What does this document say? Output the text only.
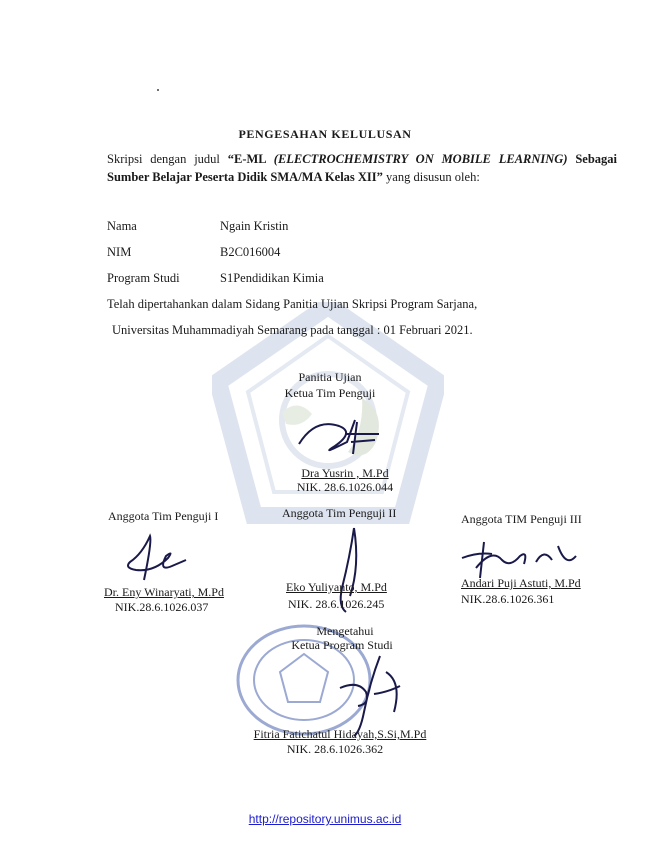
PENGESAHAN KELULUSAN
Skripsi dengan judul “E-ML (ELECTROCHEMISTRY ON MOBILE LEARNING) Sebagai Sumber Belajar Peserta Didik SMA/MA Kelas XII” yang disusun oleh:
Nama	Ngain Kristin
NIM	B2C016004
Program Studi	S1Pendidikan Kimia
Telah dipertahankan dalam Sidang Panitia Ujian Skripsi Program Sarjana,
Universitas Muhammadiyah Semarang pada tanggal : 01 Februari 2021.
Panitia Ujian
Ketua Tim Penguji
Dra Yusrin , M.Pd
NIK. 28.6.1026.044
Anggota Tim Penguji I
Dr. Eny Winaryati, M.Pd
NIK.28.6.1026.037
Anggota Tim Penguji II
Eko Yuliyanto, M.Pd
NIK. 28.6.1026.245
Anggota TIM Penguji III
Andari Puji Astuti, M.Pd
NIK.28.6.1026.361
Mengetahui
Ketua Program Studi
Fitria Fatichatul Hidayah,S.Si,M.Pd
NIK. 28.6.1026.362
http://repository.unimus.ac.id
